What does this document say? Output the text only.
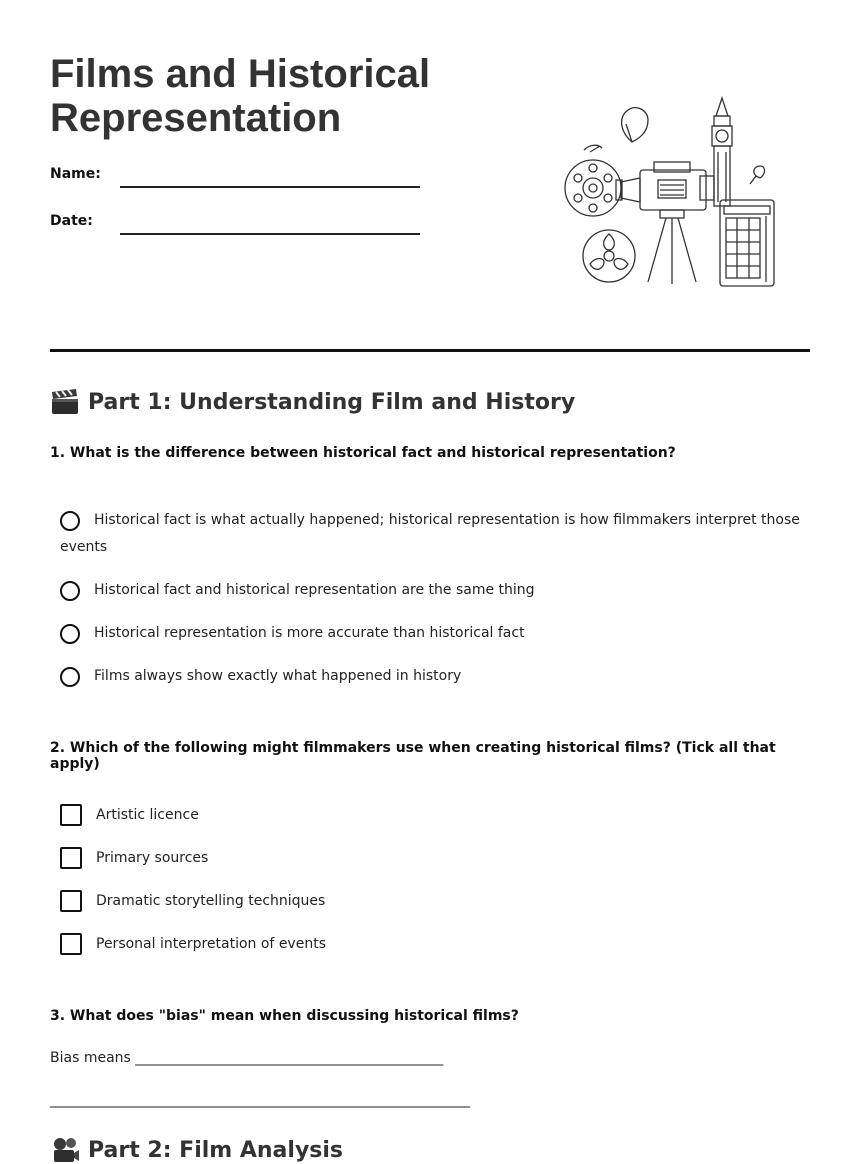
Films and Historical Representation
Name:
Date:
Part 1: Understanding Film and History
1. What is the difference between historical fact and historical representation?
Historical fact is what actually happened; historical representation is how filmmakers interpret those events
Historical fact and historical representation are the same thing
Historical representation is more accurate than historical fact
Films always show exactly what happened in history
2. Which of the following might filmmakers use when creating historical films? (Tick all that apply)
Artistic licence
Primary sources
Dramatic storytelling techniques
Personal interpretation of events
3. What does "bias" mean when discussing historical films?
Bias means ____________________________________________
____________________________________________________________
Part 2: Film Analysis
